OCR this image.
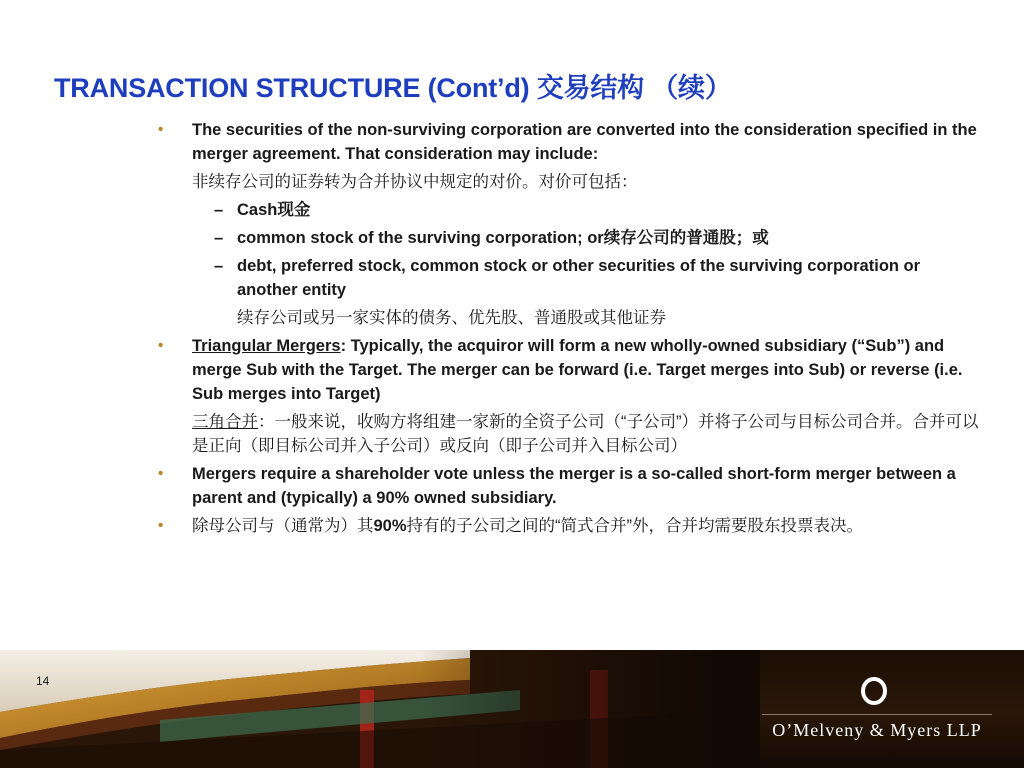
TRANSACTION STRUCTURE (Cont’d) 交易结构 （续）
• The securities of the non-surviving corporation are converted into the consideration specified in the merger agreement. That consideration may include:
非续存公司的证券转为合并协议中规定的对价。对价可包括：
– Cash现金
– common stock of the surviving corporation; or续存公司的普通股；或
– debt, preferred stock, common stock or other securities of the surviving corporation or another entity
续存公司或另一家实体的债务、优先股、普通股或其他证券
• Triangular Mergers: Typically, the acquiror will form a new wholly-owned subsidiary (“Sub”) and merge Sub with the Target. The merger can be forward (i.e. Target merges into Sub) or reverse (i.e. Sub merges into Target)
三角合并：一般来说，收购方将组建一家新的全资子公司（“子公司”）并将子公司与目标公司合并。合并可以是正向（即目标公司并入子公司）或反向（即子公司并入目标公司）
• Mergers require a shareholder vote unless the merger is a so-called short-form merger between a parent and (typically) a 90% owned subsidiary.
• 除母公司与（通常为）其90%持有的子公司之间的“简式合并”外，合并均需要股东投票表决。
14
O’Melveny & Myers LLP
